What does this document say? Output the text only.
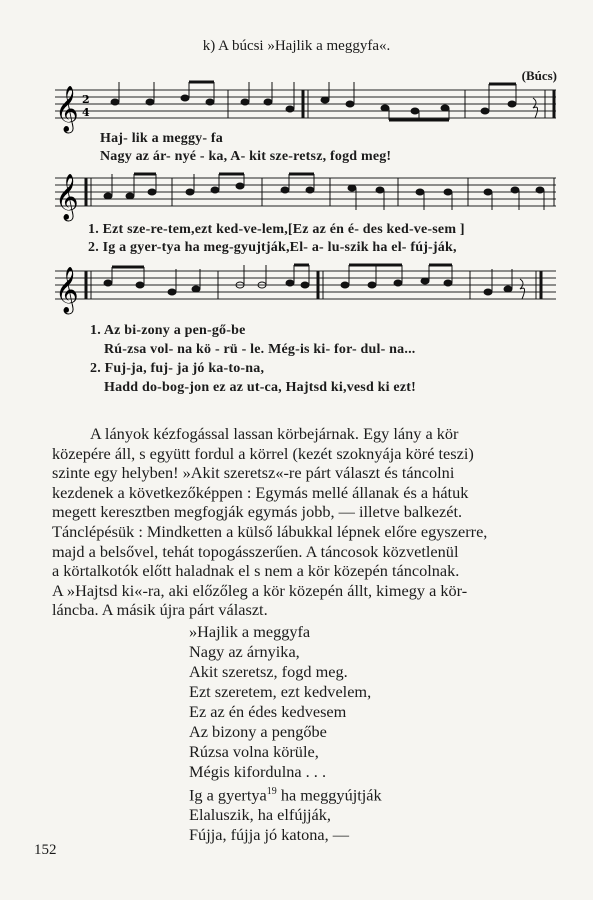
k) A búcsi »Hajlik a meggyfa«.
(Búcs)
𝄞 2
4
Haj- lik a meggy- fa
Nagy az ár- nyé - ka, A- kit sze-retsz, fogd meg!
𝄞
1. Ezt sze-re-tem,ezt ked-ve-lem,[Ez az én é- des ked-ve-sem ]
2. Ig a gyer-tya ha meg-gyujtják,El- a- lu-szik ha el- fúj-ják,
𝄞
1. Az bi-zony a pen-gő-be
Rú-zsa vol- na kö - rü - le. Még-is ki- for- dul- na...
2. Fuj-ja, fuj- ja jó ka-to-na,
Hadd do-bog-jon ez az ut-ca, Hajtsd ki,vesd ki ezt!

A lányok kézfogással lassan körbejárnak. Egy lány a kör

közepére áll, s együtt fordul a körrel (kezét szoknyája köré teszi)

szinte egy helyben! »Akit szeretsz«-re párt választ és táncolni

kezdenek a következőképpen : Egymás mellé állanak és a hátuk

megett keresztben megfogják egymás jobb, — illetve balkezét.

Tánclépésük : Mindketten a külső lábukkal lépnek előre egyszerre,

majd a belsővel, tehát topogásszerűen. A táncosok közvetlenül

a körtalkotók előtt haladnak el s nem a kör közepén táncolnak.

A »Hajtsd ki«-ra, aki előzőleg a kör közepén állt, kimegy a kör-

láncba. A másik újra párt választ.

»Hajlik a meggyfa
Nagy az árnyika,
Akit szeretsz, fogd meg.
Ezt szeretem, ezt kedvelem,
Ez az én édes kedvesem
Az bizony a pengőbe
Rúzsa volna körüle,
Mégis kifordulna . . .
Ig a gyertya$^{19}$ ha meggyújtják
Elaluszik, ha elfújják,
Fújja, fújja jó katona, —
152
